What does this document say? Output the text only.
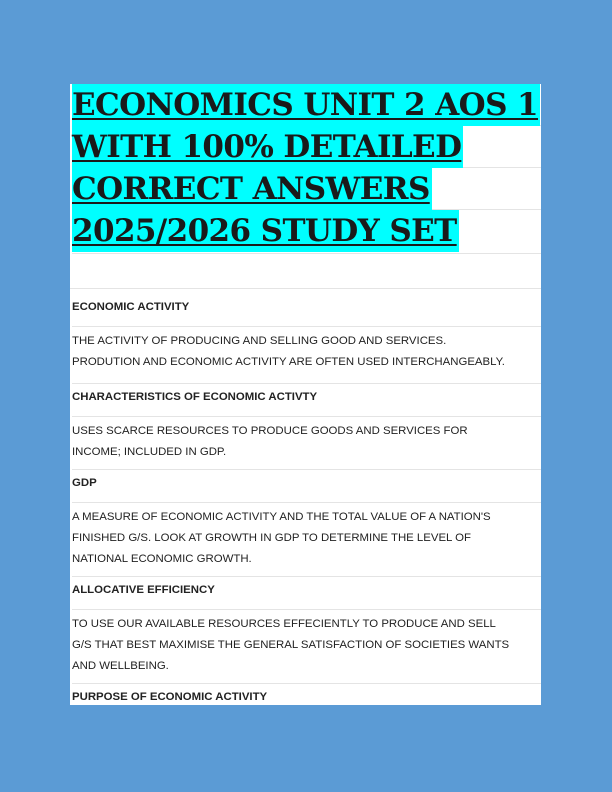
ECONOMICS UNIT 2 AOS 1
WITH 100% DETAILED
CORRECT ANSWERS
2025/2026 STUDY SET
ECONOMIC ACTIVITY
THE ACTIVITY OF PRODUCING AND SELLING GOOD AND SERVICES.
PRODUTION AND ECONOMIC ACTIVITY ARE OFTEN USED INTERCHANGEABLY.
CHARACTERISTICS OF ECONOMIC ACTIVTY
USES SCARCE RESOURCES TO PRODUCE GOODS AND SERVICES FOR
INCOME; INCLUDED IN GDP.
GDP
A MEASURE OF ECONOMIC ACTIVITY AND THE TOTAL VALUE OF A NATION'S
FINISHED G/S. LOOK AT GROWTH IN GDP TO DETERMINE THE LEVEL OF
NATIONAL ECONOMIC GROWTH.
ALLOCATIVE EFFICIENCY
TO USE OUR AVAILABLE RESOURCES EFFECIENTLY TO PRODUCE AND SELL
G/S THAT BEST MAXIMISE THE GENERAL SATISFACTION OF SOCIETIES WANTS
AND WELLBEING.
PURPOSE OF ECONOMIC ACTIVITY
